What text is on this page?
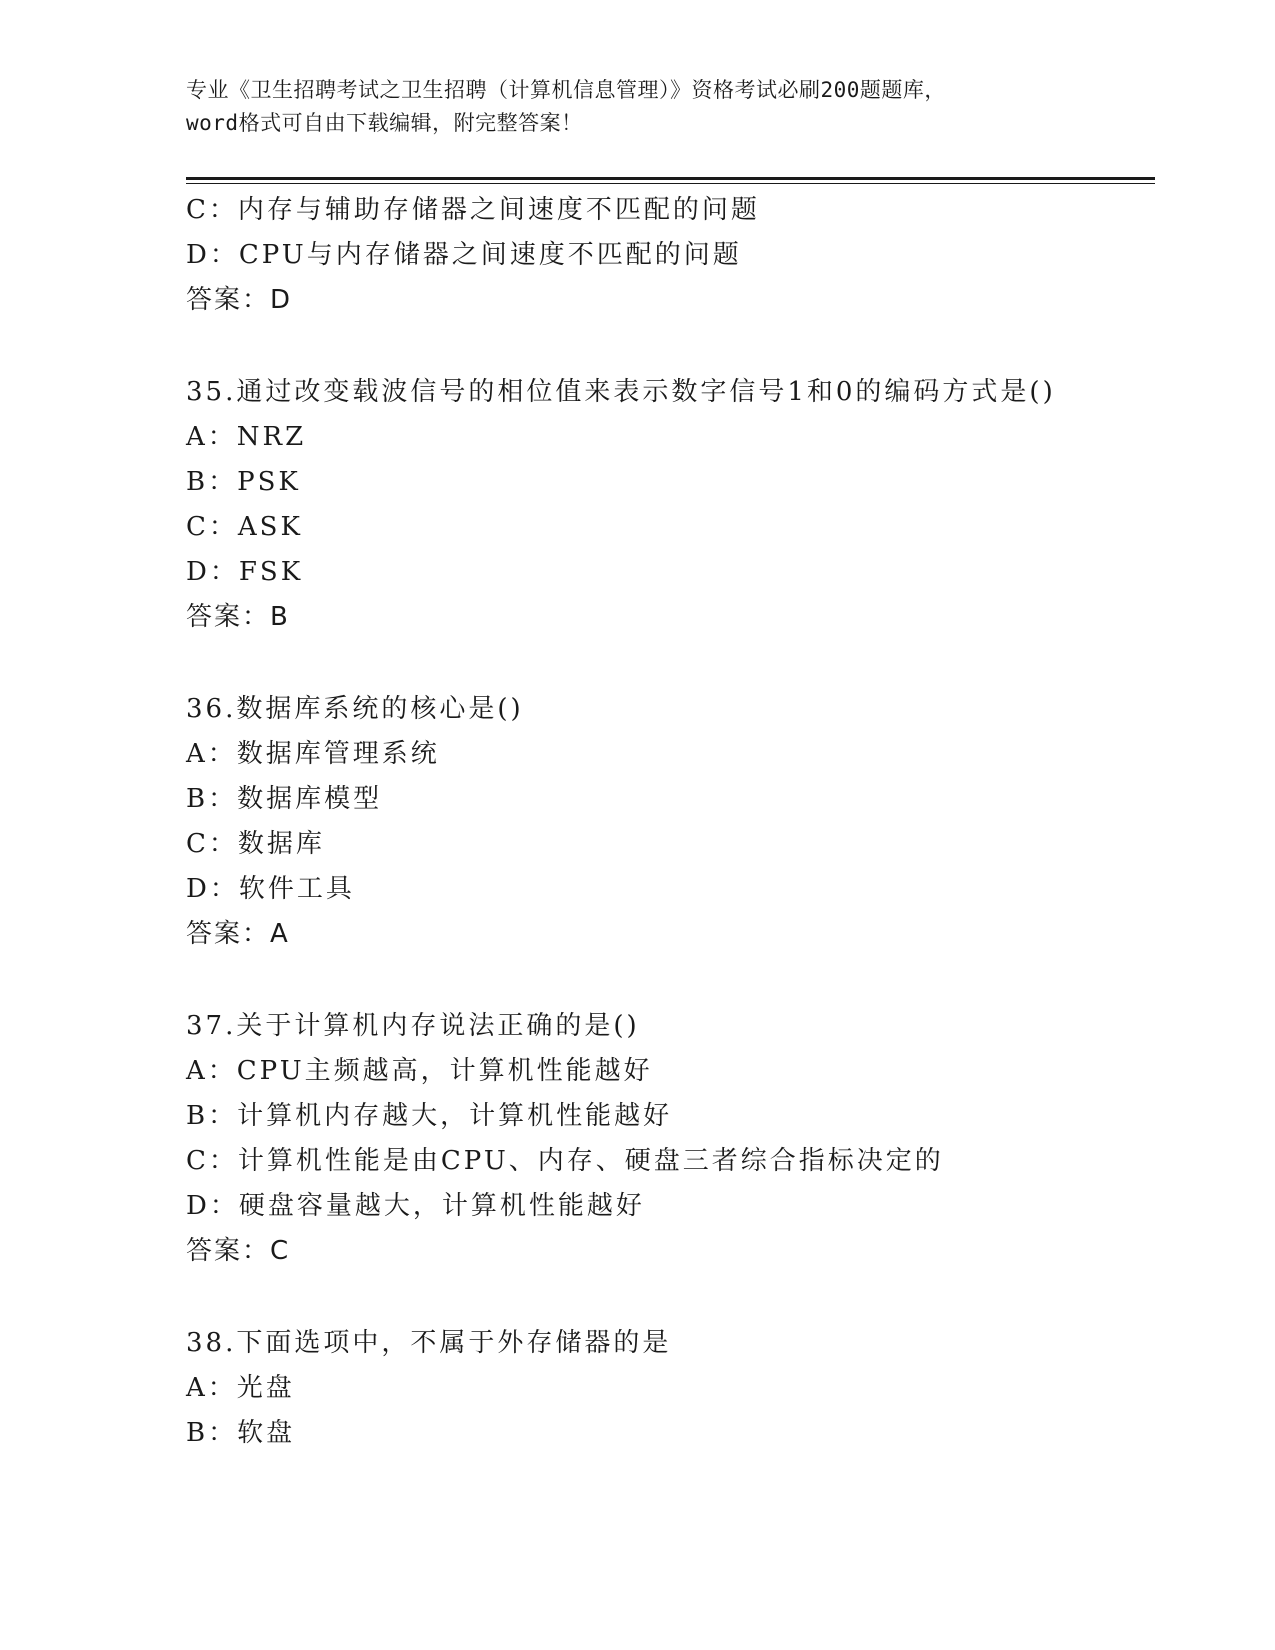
专业《卫生招聘考试之卫生招聘（计算机信息管理）》资格考试必刷200题题库，
word格式可自由下载编辑，附完整答案！
C：内存与辅助存储器之间速度不匹配的问题
D：CPU与内存储器之间速度不匹配的问题
答案：D
35.通过改变载波信号的相位值来表示数字信号1和0的编码方式是()
A：NRZ
B：PSK
C：ASK
D：FSK
答案：B
36.数据库系统的核心是()
A：数据库管理系统
B：数据库模型
C：数据库
D：软件工具
答案：A
37.关于计算机内存说法正确的是()
A：CPU主频越高，计算机性能越好
B：计算机内存越大，计算机性能越好
C：计算机性能是由CPU、内存、硬盘三者综合指标决定的
D：硬盘容量越大，计算机性能越好
答案：C
38.下面选项中，不属于外存储器的是
A：光盘
B：软盘
